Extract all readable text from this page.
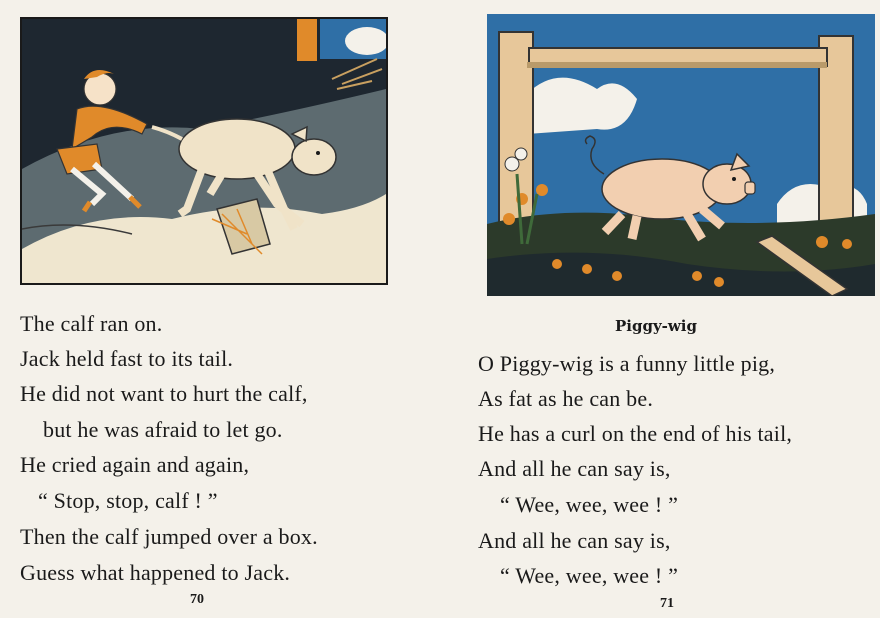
The calf ran on.
Jack held fast to its tail.
He did not want to hurt the calf,
but he was afraid to let go.
He cried again and again,
“ Stop, stop, calf ! ”
Then the calf jumped over a box.
Guess what happened to Jack.
70
Piggy-wig
O Piggy-wig is a funny little pig,
As fat as he can be.
He has a curl on the end of his tail,
And all he can say is,
“ Wee, wee, wee ! ”
And all he can say is,
“ Wee, wee, wee ! ”
71
